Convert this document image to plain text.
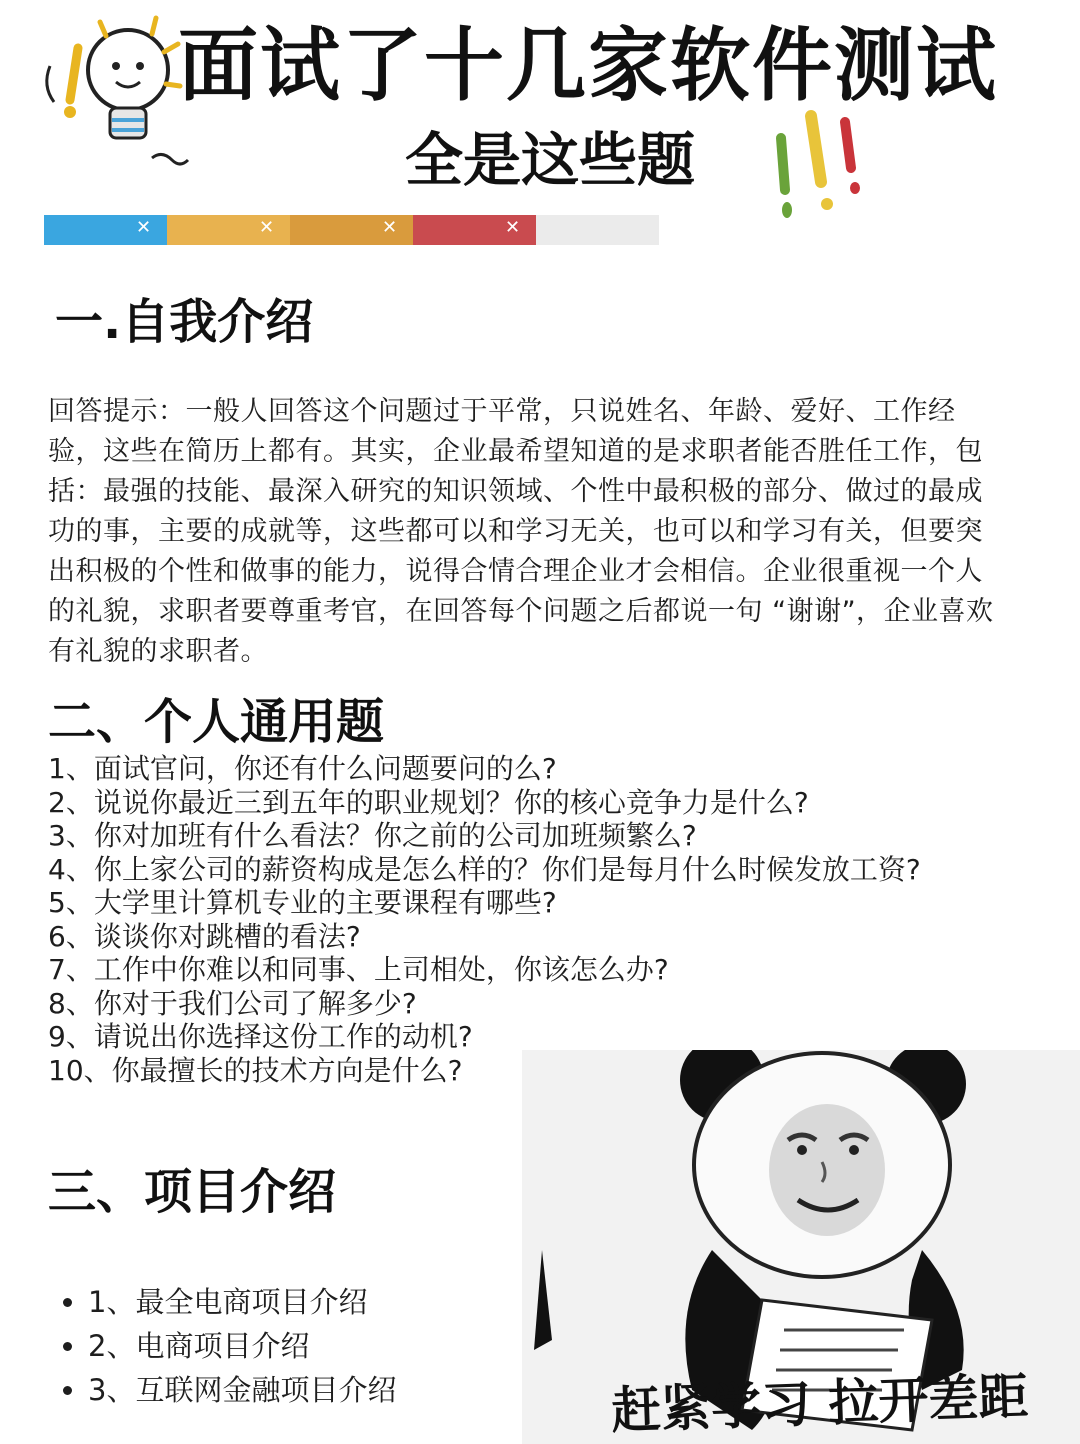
面试了十几家软件测试
全是这些题
✕	✕	✕	✕
一.自我介绍
回答提示：一般人回答这个问题过于平常，只说姓名、年龄、爱好、工作经验，这些在简历上都有。其实，企业最希望知道的是求职者能否胜任工作，包括：最强的技能、最深入研究的知识领域、个性中最积极的部分、做过的最成功的事，主要的成就等，这些都可以和学习无关，也可以和学习有关，但要突出积极的个性和做事的能力，说得合情合理企业才会相信。企业很重视一个人的礼貌，求职者要尊重考官，在回答每个问题之后都说一句 “谢谢”，企业喜欢有礼貌的求职者。
二、个人通用题
1、面试官问，你还有什么问题要问的么?
2、说说你最近三到五年的职业规划？你的核心竞争力是什么?
3、你对加班有什么看法？你之前的公司加班频繁么?
4、你上家公司的薪资构成是怎么样的？你们是每月什么时候发放工资?
5、大学里计算机专业的主要课程有哪些?
6、谈谈你对跳槽的看法?
7、工作中你难以和同事、上司相处，你该怎么办?
8、你对于我们公司了解多少?
9、请说出你选择这份工作的动机?
10、你最擅长的技术方向是什么?
三、项目介绍
• 1、最全电商项目介绍
• 2、电商项目介绍
• 3、互联网金融项目介绍	赶紧学习 拉开差距
